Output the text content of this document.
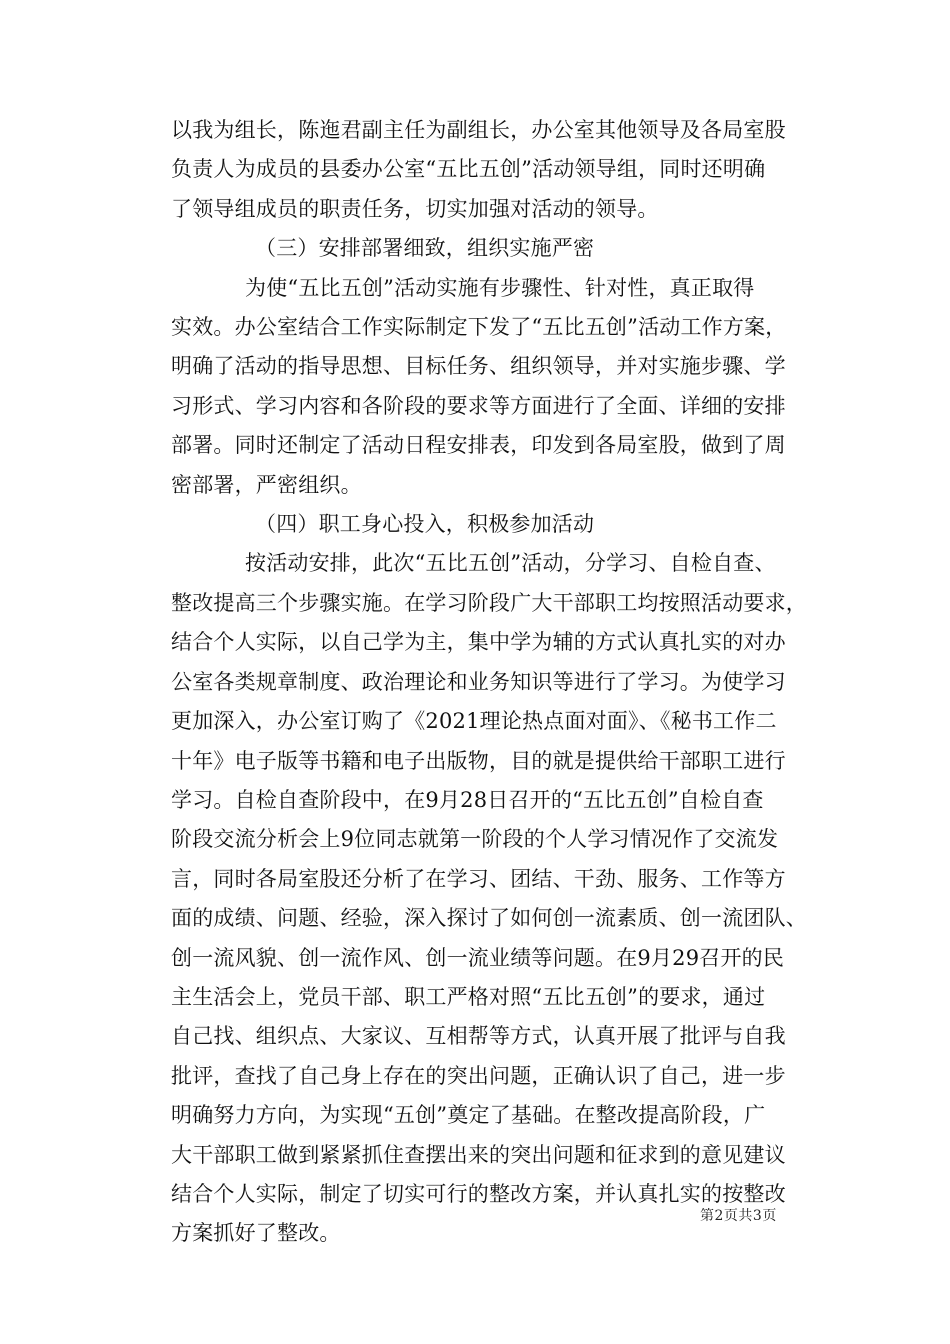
以我为组长，陈迤君副主任为副组长，办公室其他领导及各局室股
负责人为成员的县委办公室“五比五创”活动领导组，同时还明确
了领导组成员的职责任务，切实加强对活动的领导。
（三）安排部署细致，组织实施严密
为使“五比五创”活动实施有步骤性、针对性，真正取得
实效。办公室结合工作实际制定下发了“五比五创”活动工作方案，
明确了活动的指导思想、目标任务、组织领导，并对实施步骤、学
习形式、学习内容和各阶段的要求等方面进行了全面、详细的安排
部署。同时还制定了活动日程安排表，印发到各局室股，做到了周
密部署，严密组织。
（四）职工身心投入，积极参加活动
按活动安排，此次“五比五创”活动，分学习、自检自查、
整改提高三个步骤实施。在学习阶段广大干部职工均按照活动要求，
结合个人实际，以自己学为主，集中学为辅的方式认真扎实的对办
公室各类规章制度、政治理论和业务知识等进行了学习。为使学习
更加深入，办公室订购了《2021理论热点面对面》、《秘书工作二
十年》电子版等书籍和电子出版物，目的就是提供给干部职工进行
学习。自检自查阶段中，在9月28日召开的“五比五创”自检自查
阶段交流分析会上9位同志就第一阶段的个人学习情况作了交流发
言，同时各局室股还分析了在学习、团结、干劲、服务、工作等方
面的成绩、问题、经验，深入探讨了如何创一流素质、创一流团队、
创一流风貌、创一流作风、创一流业绩等问题。在9月29召开的民
主生活会上，党员干部、职工严格对照“五比五创”的要求，通过
自己找、组织点、大家议、互相帮等方式，认真开展了批评与自我
批评，查找了自己身上存在的突出问题，正确认识了自己，进一步
明确努力方向，为实现“五创”奠定了基础。在整改提高阶段，广
大干部职工做到紧紧抓住查摆出来的突出问题和征求到的意见建议
结合个人实际，制定了切实可行的整改方案，并认真扎实的按整改
方案抓好了整改。
第2页共3页
